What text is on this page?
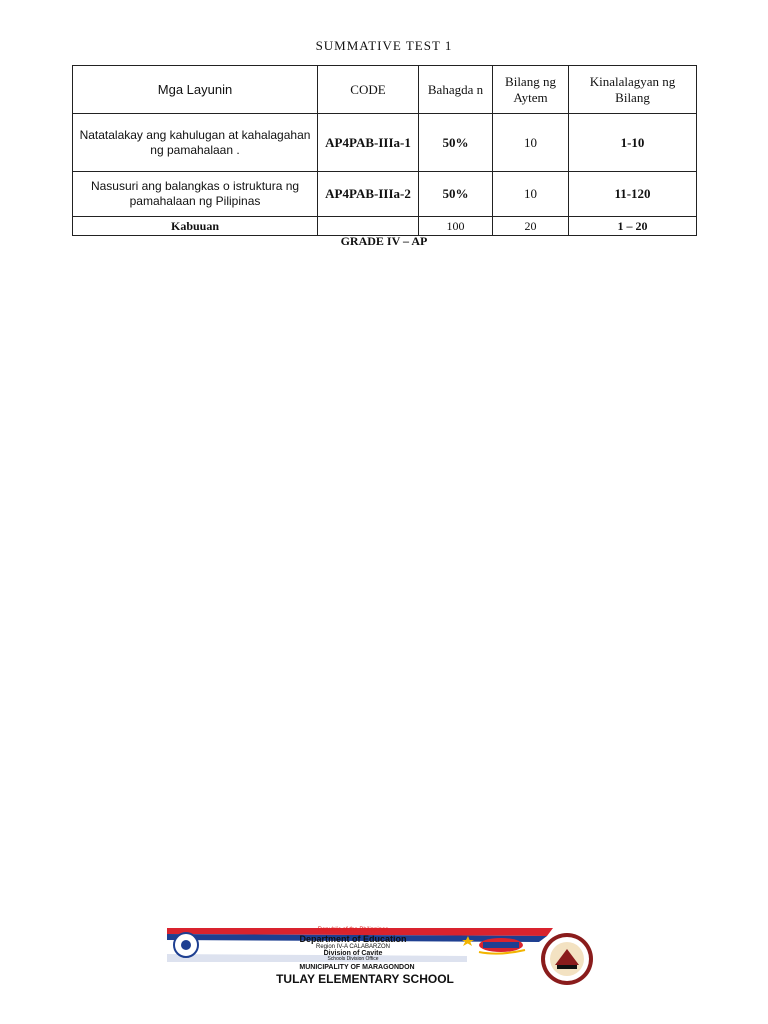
SUMMATIVE TEST 1
Mga Layunin	CODE	Bahagda n	Bilang ng Aytem	Kinalalagyan ng Bilang
Natatalakay ang kahulugan at kahalagahan ng pamahalaan .	AP4PAB-IIIa-1	50%	10	1-10
Nasusuri ang balangkas o istruktura ng pamahalaan ng Pilipinas	AP4PAB-IIIa-2	50%	10	11-120
Kabuuan		100	20	1 – 20
GRADE IV – AP
Republic of the Philippines
Department of Education
Region IV-A CALABARZON
Division of Cavite
Schools Division Office
MUNICIPALITY OF MARAGONDON
TULAY ELEMENTARY SCHOOL
